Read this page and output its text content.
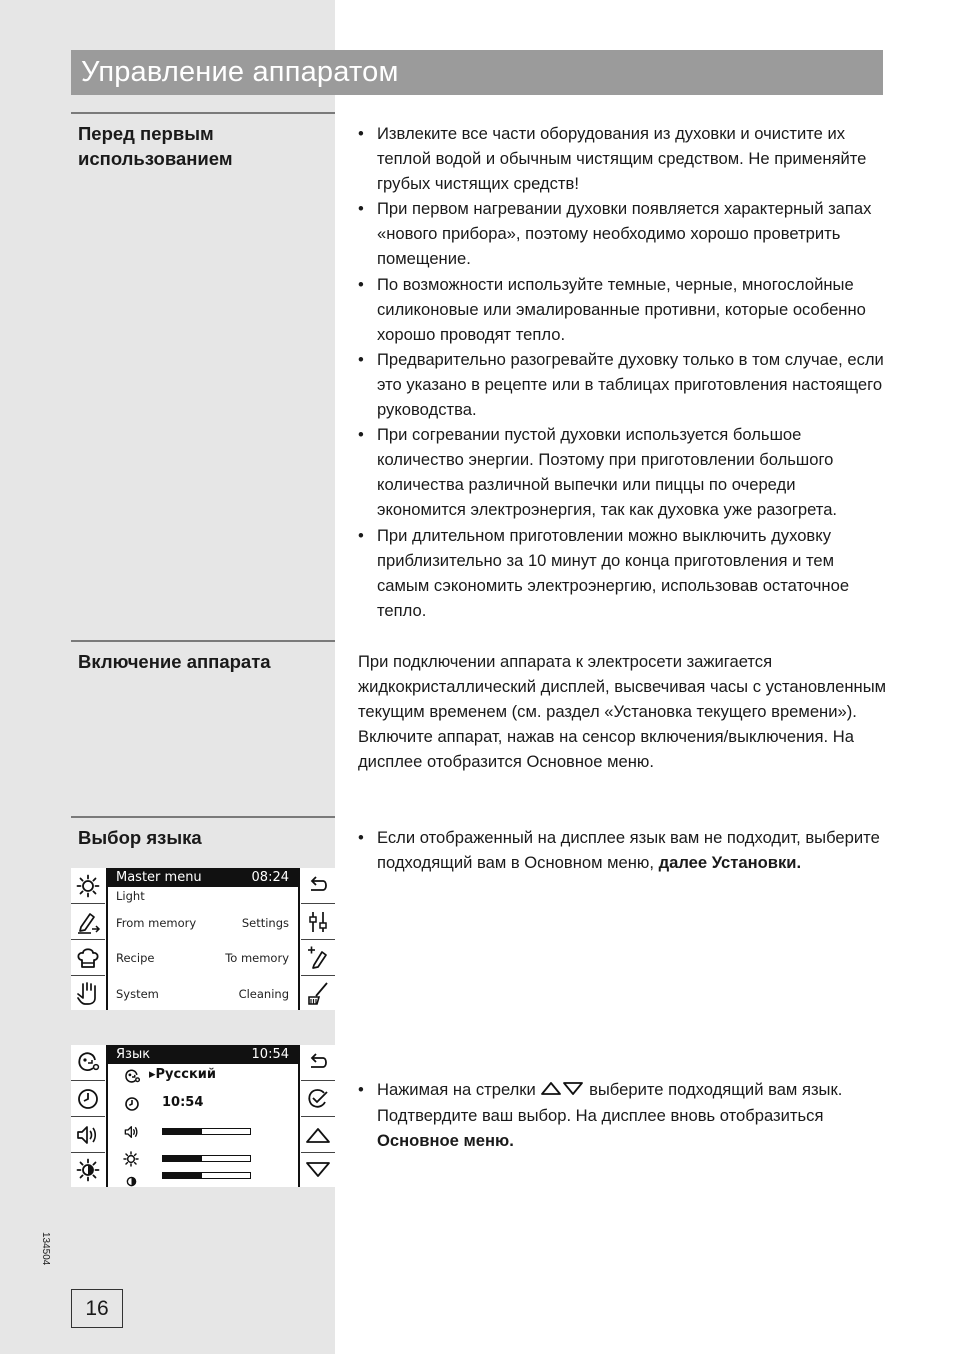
Управление аппаратом
Перед первым использованием
• Извлеките все части оборудования из духовки и очистите их теплой водой и обычным чистящим средством. Не применяйте грубых чистящих средств!
• При первом нагревании духовки появляется характерный запах «нового прибора», поэтому необходимо хорошо проветрить помещение.
• По возможности используйте темные, черные, многослойные силиконовые или эмалированные противни, которые особенно хорошо проводят тепло.
• Предварительно разогревайте духовку только в том случае, если это указано в рецепте или в таблицах приготовления настоящего руководства.
• При согревании пустой духовки используется большое количество энергии. Поэтому при приготовлении большого количества различной выпечки или пиццы по очереди экономится электроэнергия, так как духовка уже разогрета.
• При длительном приготовлении можно выключить духовку приблизительно за 10 минут до конца приготовления и тем самым сэкономить электроэнергию, использовав остаточное тепло.
Включение аппарата	При подключении аппарата к электросети зажигается жидкокристаллический дисплей, высвечивая часы с установленным текущим временем (см. раздел «Установка текущего времени»).

Включите аппарат, нажав на сенсор включения/выключения. На дисплее отобразится Основное меню.

Выбор языка
•	Если отображенный на дисплее язык вам не подходит, выберите подходящий вам в Основном меню, далее Установки.
• Нажимая на стрелки	выберите подходящий вам язык. Подтвердите ваш выбор. На дисплее вновь отобразиться Основное меню.
Master menu	08:24
Light
From memory	Settings
Recipe	To memory
System	Cleaning
Язык	10:54
▸Русский
10:54
134504
16
